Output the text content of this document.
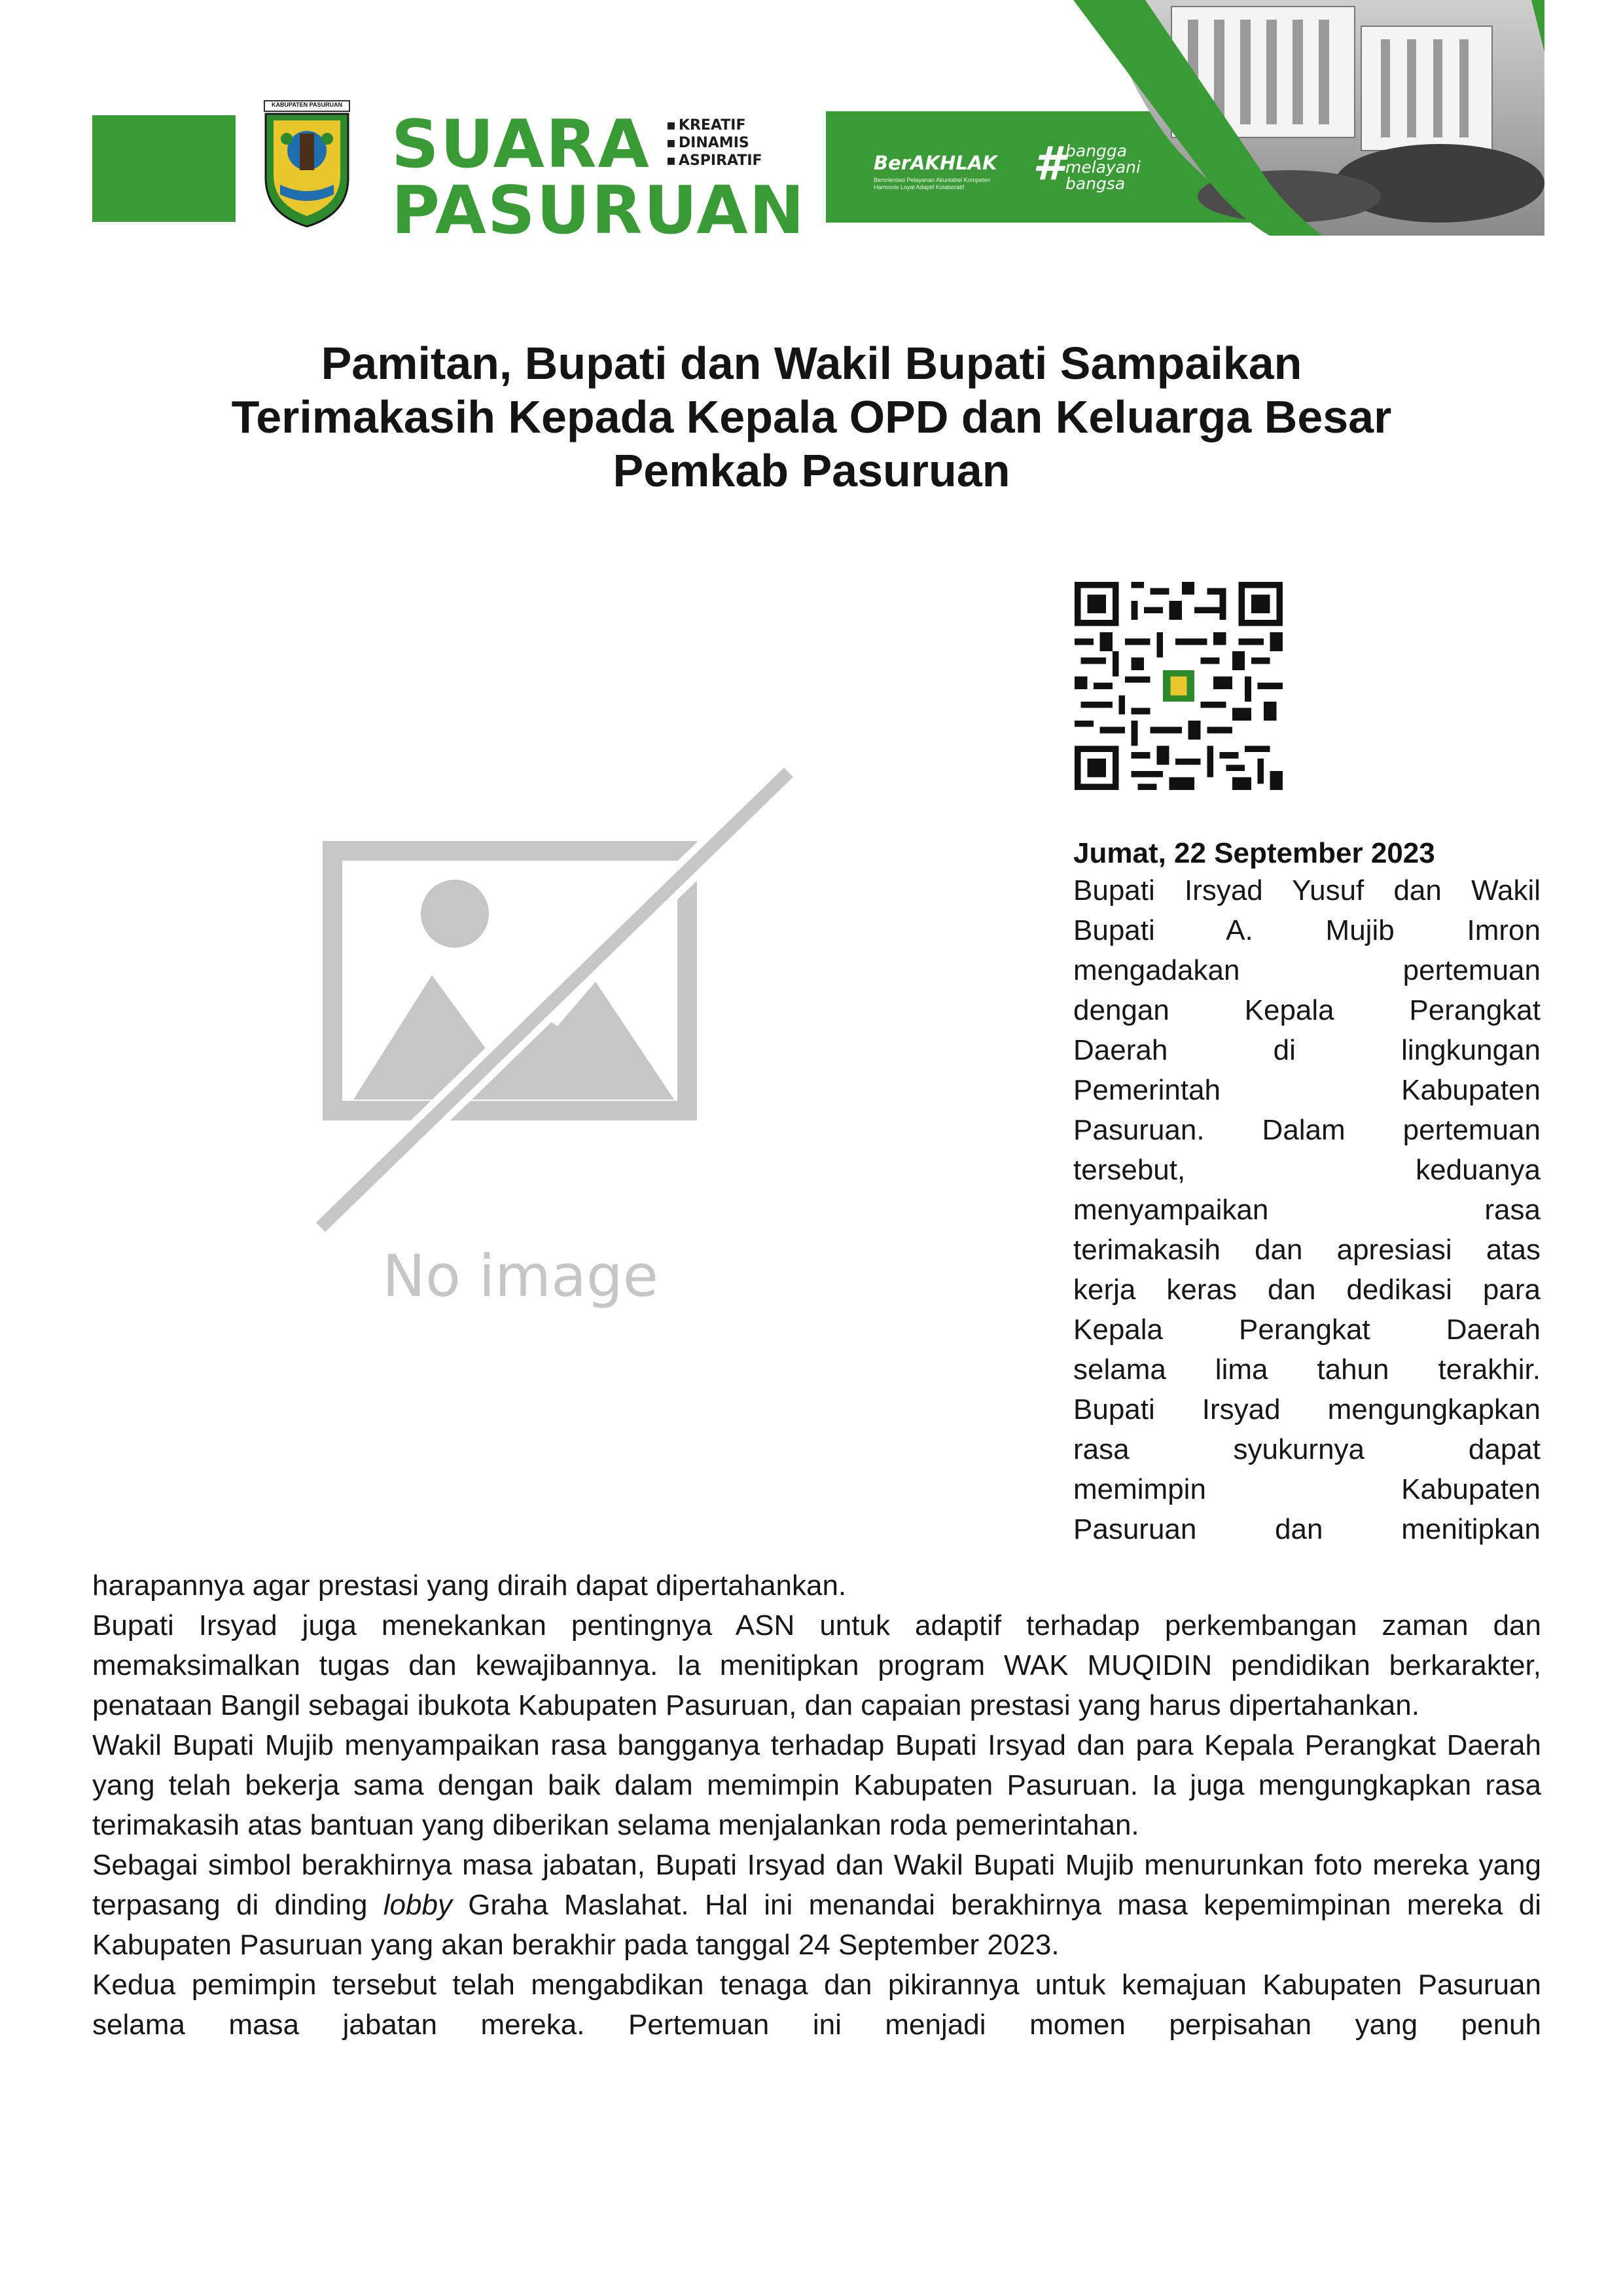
KABUPATEN PASURUAN
SUARA
PASURUAN
▪ KREATIF
▪ DINAMIS
▪ ASPIRATIF	BerAKHLAK
Berorientasi Pelayanan Akuntabel Kompeten Harmonis Loyal Adaptif Kolaboratif	# bangga
melayani
bangsa
Pamitan, Bupati dan Wakil Bupati Sampaikan
Terimakasih Kepada Kepala OPD dan Keluarga Besar
Pemkab Pasuruan
No image
Jumat, 22 September 2023
Bupati Irsyad Yusuf dan Wakil
Bupati A. Mujib Imron
mengadakan pertemuan
dengan Kepala Perangkat
Daerah di lingkungan
Pemerintah Kabupaten
Pasuruan. Dalam pertemuan
tersebut, keduanya
menyampaikan rasa
terimakasih dan apresiasi atas
kerja keras dan dedikasi para
Kepala Perangkat Daerah
selama lima tahun terakhir.
Bupati Irsyad mengungkapkan
rasa syukurnya dapat
memimpin Kabupaten
Pasuruan dan menitipkan

harapannya agar prestasi yang diraih dapat dipertahankan.

Bupati Irsyad juga menekankan pentingnya ASN untuk adaptif terhadap perkembangan zaman dan memaksimalkan tugas dan kewajibannya. Ia menitipkan program WAK MUQIDIN pendidikan berkarakter, penataan Bangil sebagai ibukota Kabupaten Pasuruan, dan capaian prestasi yang harus dipertahankan.

Wakil Bupati Mujib menyampaikan rasa bangganya terhadap Bupati Irsyad dan para Kepala Perangkat Daerah yang telah bekerja sama dengan baik dalam memimpin Kabupaten Pasuruan. Ia juga mengungkapkan rasa terimakasih atas bantuan yang diberikan selama menjalankan roda pemerintahan.

Sebagai simbol berakhirnya masa jabatan, Bupati Irsyad dan Wakil Bupati Mujib menurunkan foto mereka yang terpasang di dinding lobby Graha Maslahat. Hal ini menandai berakhirnya masa kepemimpinan mereka di Kabupaten Pasuruan yang akan berakhir pada tanggal 24 September 2023.

Kedua pemimpin tersebut telah mengabdikan tenaga dan pikirannya untuk kemajuan Kabupaten Pasuruan selama masa jabatan mereka. Pertemuan ini menjadi momen perpisahan yang penuh
